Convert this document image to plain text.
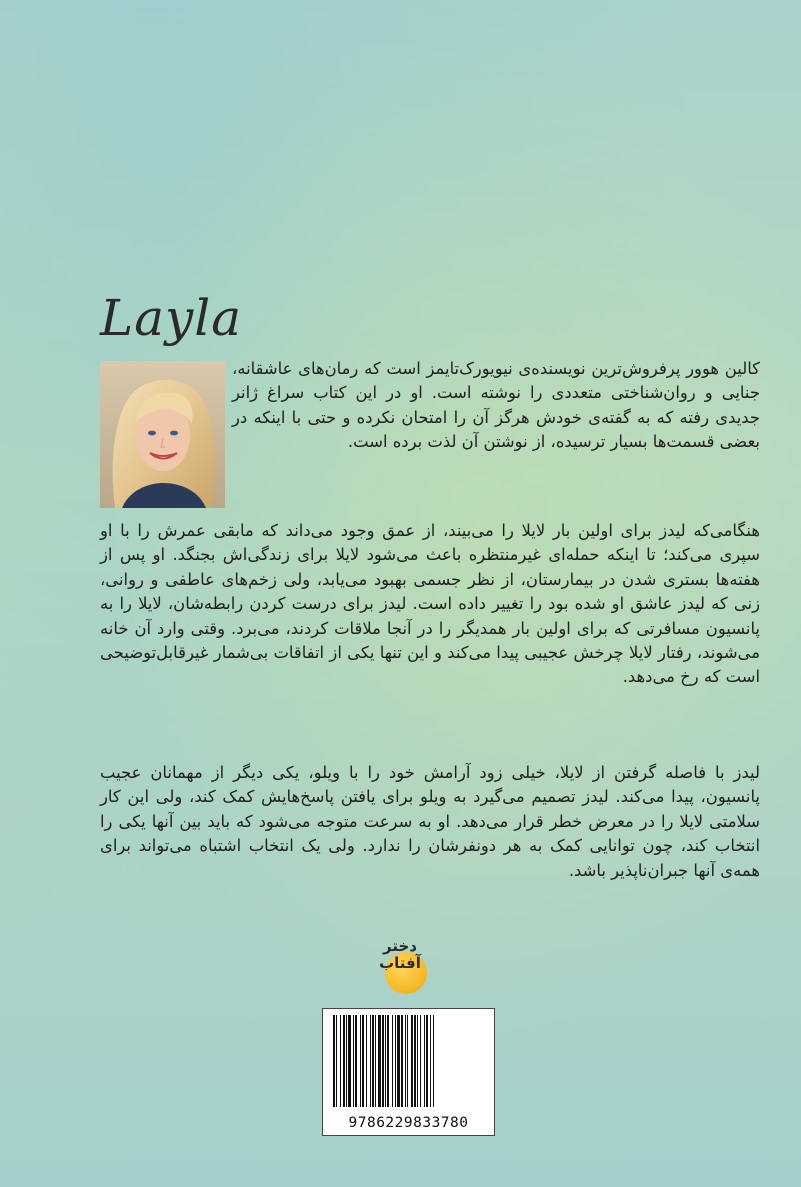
Layla

کالین هوور پرفروش‌ترین نویسنده‌ی نیویورک‌تایمز است که رمان‌های عاشقانه، جنایی و روان‌شناختی متعددی را نوشته است. او در این کتاب سراغ ژانر جدیدی رفته که به گفته‌ی خودش هرگز آن را امتحان نکرده و حتی با اینکه در بعضی قسمت‌ها بسیار ترسیده، از نوشتن آن لذت برده است.

هنگامی‌که لیدز برای اولین بار لایلا را می‌بیند، از عمق وجود می‌داند که مابقی عمرش را با او سپری می‌کند؛ تا اینکه حمله‌ای غیرمنتظره باعث می‌شود لایلا برای زندگی‌اش بجنگد. او پس از هفته‌ها بستری شدن در بیمارستان، از نظر جسمی بهبود می‌یابد، ولی زخم‌های عاطفی و روانی، زنی که لیدز عاشق او شده بود را تغییر داده است. لیدز برای درست کردن رابطه‌شان، لایلا را به پانسیون مسافرتی که برای اولین بار همدیگر را در آنجا ملاقات کردند، می‌برد. وقتی وارد آن خانه می‌شوند، رفتار لایلا چرخش عجیبی پیدا می‌کند و این تنها یکی از اتفاقات بی‌شمار غیرقابل‌توضیحی است که رخ می‌دهد.

لیدز با فاصله گرفتن از لایلا، خیلی زود آرامش خود را با ویلو، یکی دیگر از مهمانان عجیب پانسیون، پیدا می‌کند. لیدز تصمیم می‌گیرد به ویلو برای یافتن پاسخ‌هایش کمک کند، ولی این کار سلامتی لایلا را در معرض خطر قرار می‌دهد. او به سرعت متوجه می‌شود که باید بین آنها یکی را انتخاب کند، چون توانایی کمک به هر دونفرشان را ندارد. ولی یک انتخاب اشتباه می‌تواند برای همه‌ی آنها جبران‌ناپذیر باشد.

دختر
آفتاب
9786229833780
